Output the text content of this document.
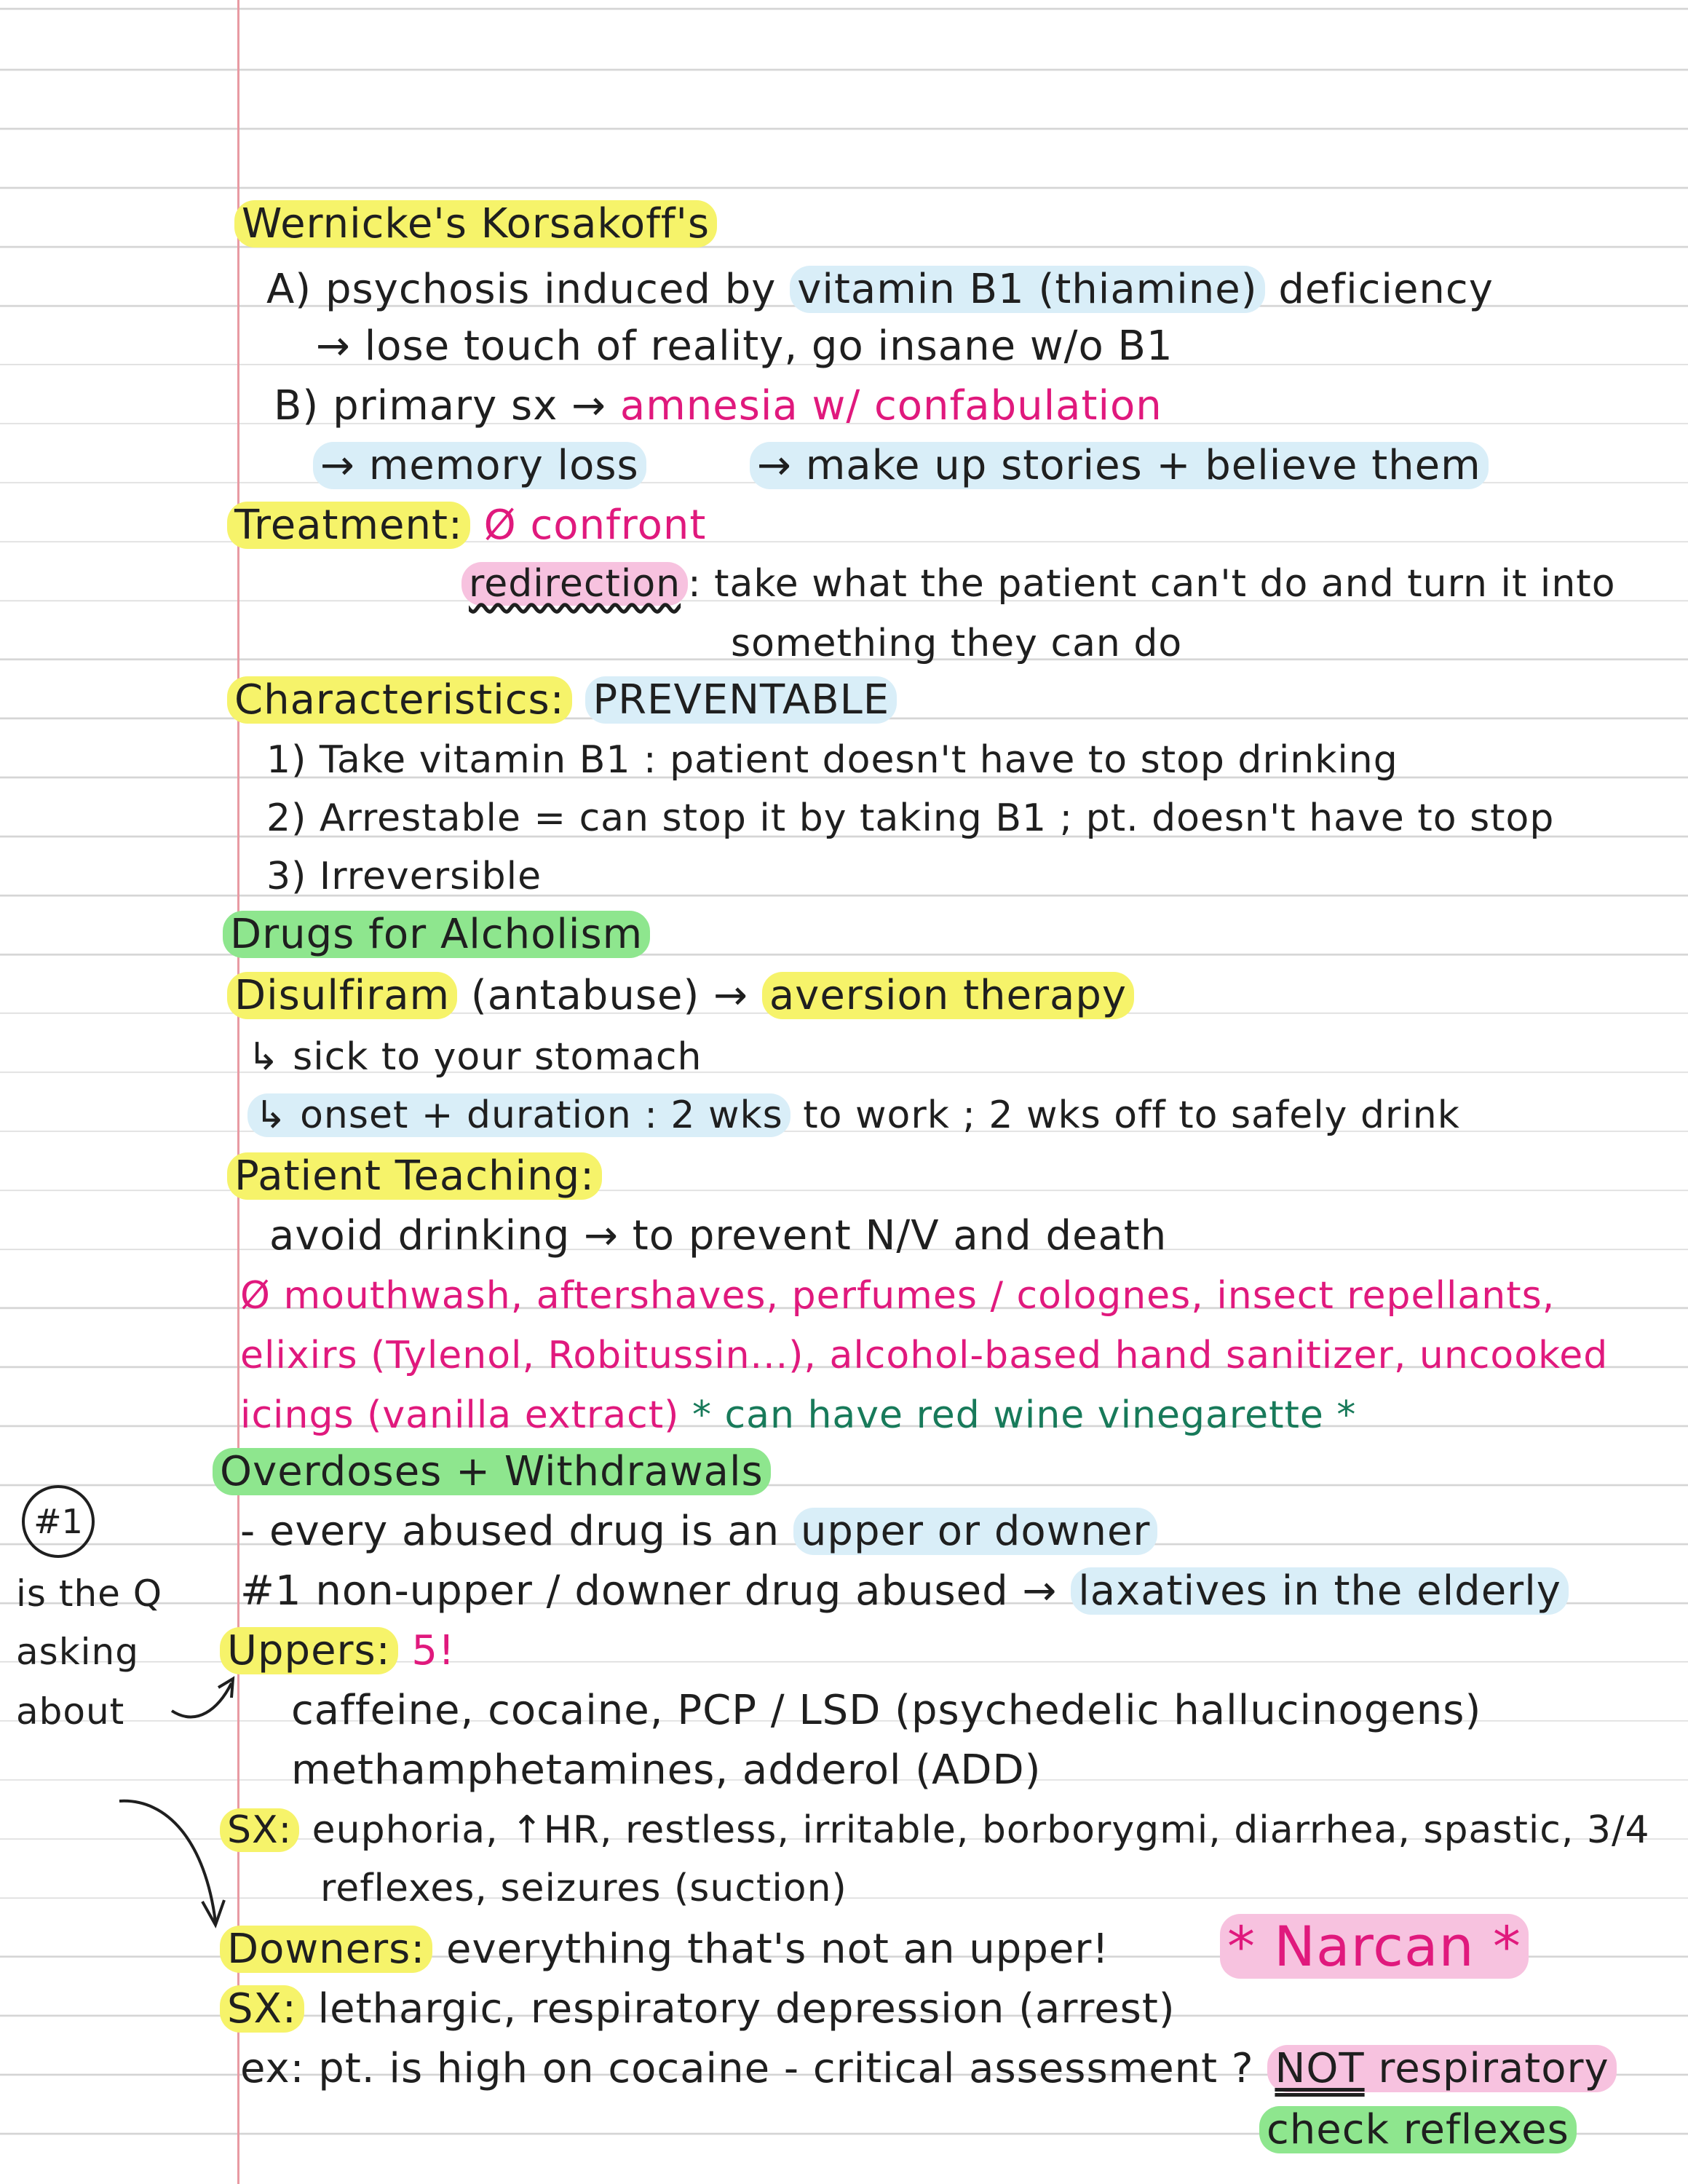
Wernicke's Korsakoff's
A) psychosis induced by vitamin B1 (thiamine) deficiency
→ lose touch of reality, go insane w/o B1
B) primary sx → amnesia w/ confabulation
→ memory loss	→ make up stories + believe them
Treatment: Ø confront
redirection : take what the patient can't do and turn it into
something they can do
Characteristics: PREVENTABLE
1) Take vitamin B1 : patient doesn't have to stop drinking
2) Arrestable = can stop it by taking B1 ; pt. doesn't have to stop
3) Irreversible
Drugs for Alcholism
Disulfiram (antabuse) → aversion therapy
↳ sick to your stomach
↳ onset + duration : 2 wks to work ; 2 wks off to safely drink
Patient Teaching:
avoid drinking → to prevent N/V and death
Ø mouthwash, aftershaves, perfumes / colognes, insect repellants,
elixirs (Tylenol, Robitussin...), alcohol-based hand sanitizer, uncooked
icings (vanilla extract) * can have red wine vinegarette *
Overdoses + Withdrawals
- every abused drug is an upper or downer
#1 non-upper / downer drug abused → laxatives in the elderly
Uppers: 5!
caffeine, cocaine, PCP / LSD (psychedelic hallucinogens)
methamphetamines, adderol (ADD)
SX: euphoria, ↑HR, restless, irritable, borborygmi, diarrhea, spastic, 3/4
reflexes, seizures (suction)
Downers: everything that's not an upper! * Narcan *
SX: lethargic, respiratory depression (arrest)
ex: pt. is high on cocaine - critical assessment ? NOT respiratory
check reflexes
#1
is the Q
asking
about
